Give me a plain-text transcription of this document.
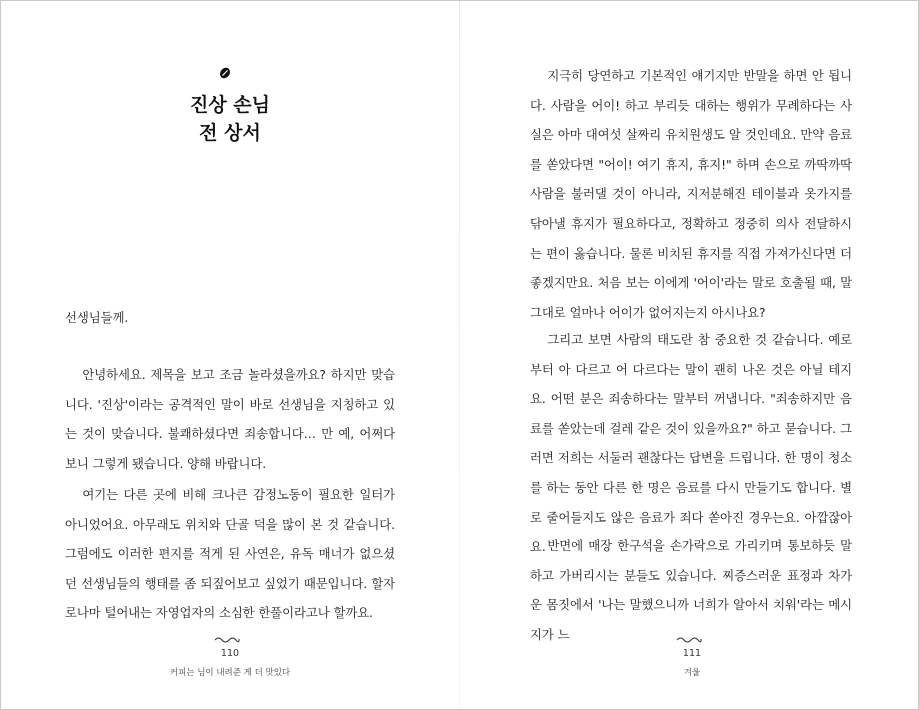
진상 손님
전 상서

선생님들께.

안녕하세요. 제목을 보고 조금 놀라셨을까요? 하지만 맞습니다. '진상'이라는 공격적인 말이 바로 선생님을 지칭하고 있는 것이 맞습니다. 불쾌하셨다면 죄송합니다… 만 예, 어쩌다 보니 그렇게 됐습니다. 양해 바랍니다.

여기는 다른 곳에 비해 크나큰 감정노동이 필요한 일터가 아니었어요. 아무래도 위치와 단골 덕을 많이 본 것 같습니다. 그럼에도 이러한 편지를 적게 된 사연은, 유독 매너가 없으셨던 선생님들의 행태를 좀 되짚어보고 싶었기 때문입니다. 할자로나마 털어내는 자영업자의 소심한 한풀이라고나 할까요.

110
커피는 님이 내려준 게 더 맛있다

지극히 당연하고 기본적인 얘기지만 반말을 하면 안 됩니다. 사람을 어이! 하고 부리듯 대하는 행위가 무례하다는 사실은 아마 대여섯 살짜리 유치원생도 알 것인데요. 만약 음료를 쏟았다면 "어이! 여기 휴지, 휴지!" 하며 손으로 까딱까딱 사람을 불러댈 것이 아니라, 지저분해진 테이블과 옷가지를 닦아낼 휴지가 필요하다고, 정확하고 정중히 의사 전달하시는 편이 옳습니다. 물론 비치된 휴지를 직접 가져가신다면 더 좋겠지만요. 처음 보는 이에게 '어이'라는 말로 호출될 때, 말 그대로 얼마나 어이가 없어지는지 아시나요?

그리고 보면 사람의 태도란 참 중요한 것 같습니다. 예로부터 아 다르고 어 다르다는 말이 괜히 나온 것은 아닐 테지요. 어떤 분은 죄송하다는 말부터 꺼냅니다. "죄송하지만 음료를 쏟았는데 걸레 같은 것이 있을까요?" 하고 묻습니다. 그러면 저희는 서둘러 괜찮다는 답변을 드립니다. 한 명이 청소를 하는 동안 다른 한 명은 음료를 다시 만들기도 합니다. 별로 줄어들지도 않은 음료가 죄다 쏟아진 경우는요. 아깝잖아요. 반면에 매장 한구석을 손가락으로 가리키며 통보하듯 말하고 가버리시는 분들도 있습니다. 찌증스러운 표정과 차가운 몸짓에서 '나는 말했으니까 너희가 알아서 치워'라는 메시지가 느

111
겨울
